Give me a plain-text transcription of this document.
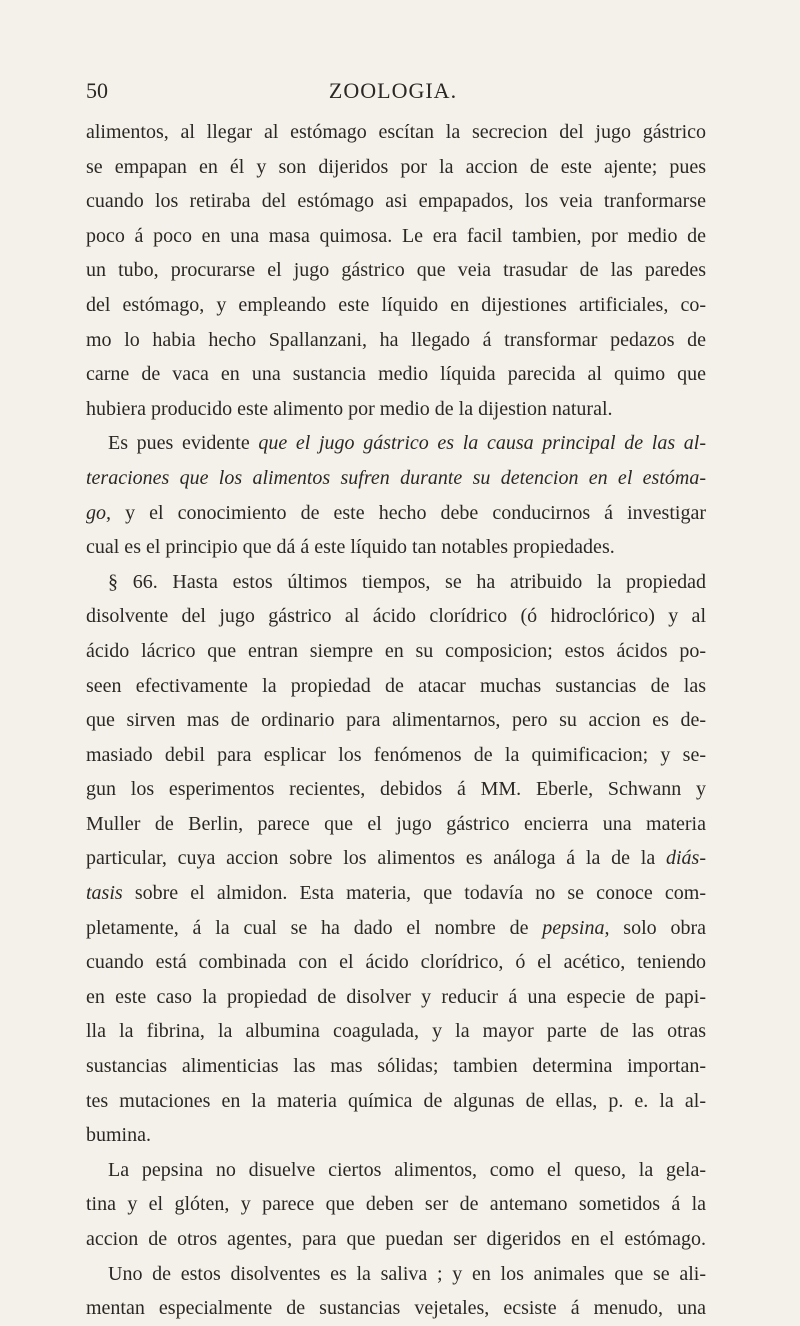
50	ZOOLOGIA.
alimentos, al llegar al estómago escítan la secrecion del jugo gástrico
se empapan en él y son dijeridos por la accion de este ajente; pues
cuando los retiraba del estómago asi empapados, los veia tranformarse
poco á poco en una masa quimosa. Le era facil tambien, por medio de
un tubo, procurarse el jugo gástrico que veia trasudar de las paredes
del estómago, y empleando este líquido en dijestiones artificiales, co-
mo lo habia hecho Spallanzani, ha llegado á transformar pedazos de
carne de vaca en una sustancia medio líquida parecida al quimo que
hubiera producido este alimento por medio de la dijestion natural.
Es pues evidente que el jugo gástrico es la causa principal de las al-
teraciones que los alimentos sufren durante su detencion en el estóma-
go, y el conocimiento de este hecho debe conducirnos á investigar
cual es el principio que dá á este líquido tan notables propiedades.
§ 66. Hasta estos últimos tiempos, se ha atribuido la propiedad
disolvente del jugo gástrico al ácido clorídrico (ó hidroclórico) y al
ácido lácrico que entran siempre en su composicion; estos ácidos po-
seen efectivamente la propiedad de atacar muchas sustancias de las
que sirven mas de ordinario para alimentarnos, pero su accion es de-
masiado debil para esplicar los fenómenos de la quimificacion; y se-
gun los esperimentos recientes, debidos á MM. Eberle, Schwann y
Muller de Berlin, parece que el jugo gástrico encierra una materia
particular, cuya accion sobre los alimentos es análoga á la de la diás-
tasis sobre el almidon. Esta materia, que todavía no se conoce com-
pletamente, á la cual se ha dado el nombre de pepsina, solo obra
cuando está combinada con el ácido clorídrico, ó el acético, teniendo
en este caso la propiedad de disolver y reducir á una especie de papi-
lla la fibrina, la albumina coagulada, y la mayor parte de las otras
sustancias alimenticias las mas sólidas; tambien determina importan-
tes mutaciones en la materia química de algunas de ellas, p. e. la al-
bumina.
La pepsina no disuelve ciertos alimentos, como el queso, la gela-
tina y el glóten, y parece que deben ser de antemano sometidos á la
accion de otros agentes, para que puedan ser digeridos en el estómago.
Uno de estos disolventes es la saliva ; y en los animales que se ali-
mentan especialmente de sustancias vejetales, ecsiste á menudo, una
